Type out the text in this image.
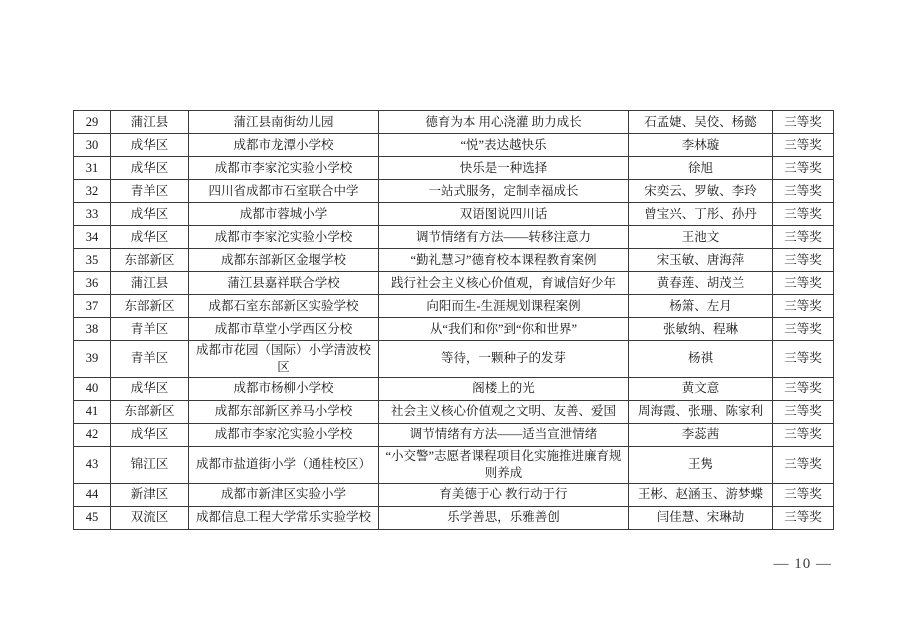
29	蒲江县	蒲江县南街幼儿园	德育为本 用心浇灌 助力成长	石孟婕、吴佼、杨懿	三等奖
30	成华区	成都市龙潭小学校	“悦”表达越快乐	李林璇	三等奖
31	成华区	成都市李家沱实验小学校	快乐是一种选择	徐旭	三等奖
32	青羊区	四川省成都市石室联合中学	一站式服务，定制幸福成长	宋奕云、罗敏、李玲	三等奖
33	成华区	成都市蓉城小学	双语图说四川话	曾宝兴、丁彤、孙丹	三等奖
34	成华区	成都市李家沱实验小学校	调节情绪有方法——转移注意力	王池文	三等奖
35	东部新区	成都东部新区金堰学校	“勤礼慧习”德育校本课程教育案例	宋玉敏、唐海萍	三等奖
36	蒲江县	蒲江县嘉祥联合学校	践行社会主义核心价值观，育诚信好少年	黄春莲、胡茂兰	三等奖
37	东部新区	成都石室东部新区实验学校	向阳而生-生涯规划课程案例	杨箫、左月	三等奖
38	青羊区	成都市草堂小学西区分校	从“我们和你”到“你和世界”	张敏纳、程琳	三等奖
39	青羊区	成都市花园（国际）小学清波校区	等待，一颗种子的发芽	杨祺	三等奖
40	成华区	成都市杨柳小学校	阁楼上的光	黄文意	三等奖
41	东部新区	成都东部新区养马小学校	社会主义核心价值观之文明、友善、爱国	周海霞、张珊、陈家利	三等奖
42	成华区	成都市李家沱实验小学校	调节情绪有方法——适当宣泄情绪	李蕊茜	三等奖
43	锦江区	成都市盐道街小学（通桂校区）	“小交警”志愿者课程项目化实施推进廉育规则养成	王隽	三等奖
44	新津区	成都市新津区实验小学	育美德于心 教行动于行	王彬、赵涵玉、游梦蝶	三等奖
45	双流区	成都信息工程大学常乐实验学校	乐学善思，乐雅善创	闫佳慧、宋琳劼	三等奖
— 10 —
